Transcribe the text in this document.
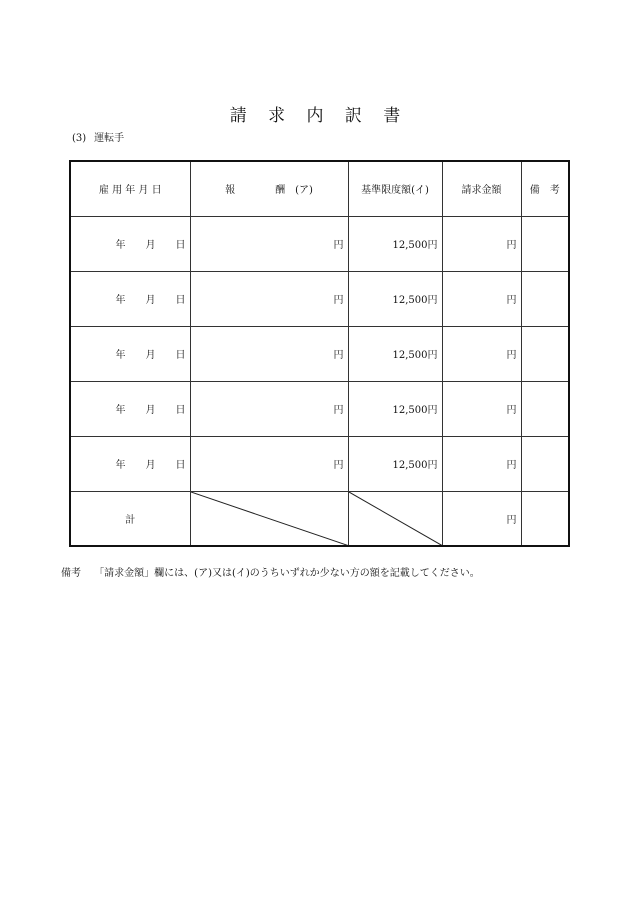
請 求 内 訳 書
(3) 運転手
雇 用 年 月 日	報　　　　酬　(ア)	基準限度額(イ)	請求金額	備　考
年　　月　　日	円	12,500円	円	
年　　月　　日	円	12,500円	円	
年　　月　　日	円	12,500円	円	
年　　月　　日	円	12,500円	円	
年　　月　　日	円	12,500円	円	
計			円	
備考　 「請求金額」欄には、(ア)又は(イ)のうちいずれか少ない方の額を記載してください。
